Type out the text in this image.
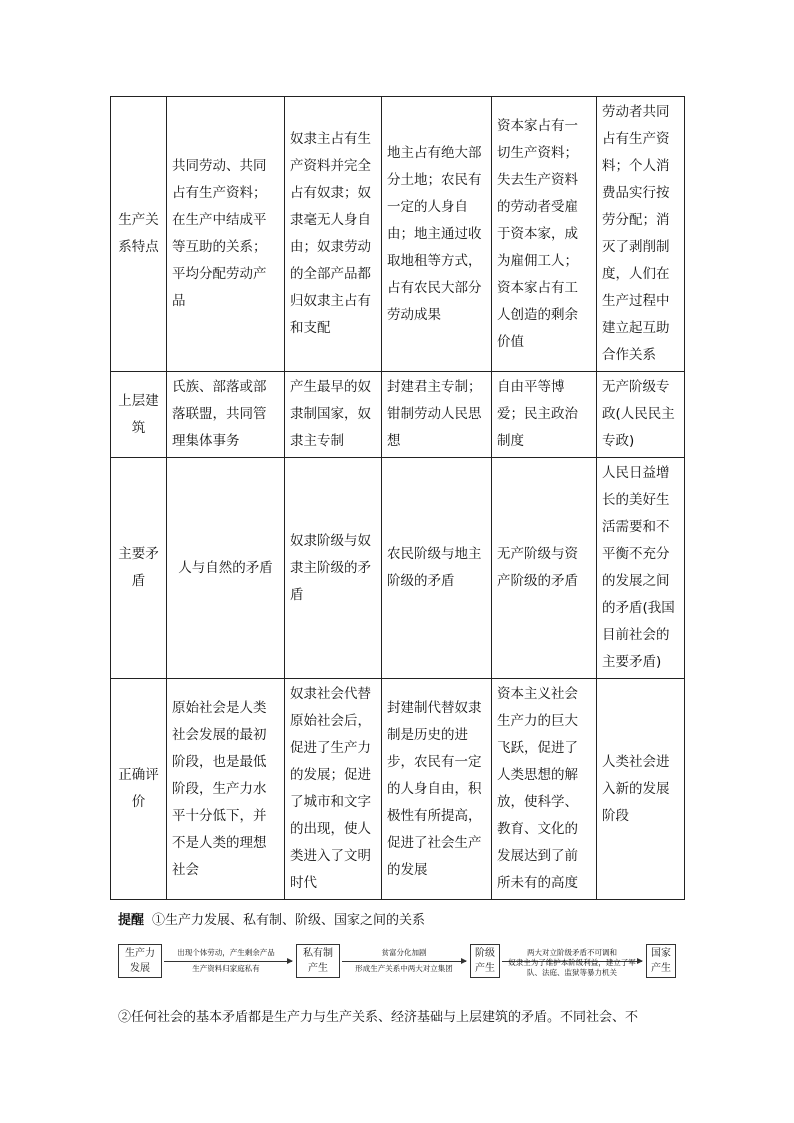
生产关系特点	共同劳动、共同占有生产资料；在生产中结成平等互助的关系；平均分配劳动产品	奴隶主占有生产资料并完全占有奴隶；奴隶毫无人身自由；奴隶劳动的全部产品都归奴隶主占有和支配	地主占有绝大部分土地；农民有一定的人身自由；地主通过收取地租等方式，占有农民大部分劳动成果	资本家占有一切生产资料；失去生产资料的劳动者受雇于资本家，成为雇佣工人；资本家占有工人创造的剩余价值	劳动者共同占有生产资料；个人消费品实行按劳分配；消灭了剥削制度，人们在生产过程中建立起互助合作关系
上层建筑	氏族、部落或部落联盟，共同管理集体事务	产生最早的奴隶制国家，奴隶主专制	封建君主专制；钳制劳动人民思想	自由平等博爱；民主政治制度	无产阶级专政(人民民主专政)
主要矛盾	人与自然的矛盾	奴隶阶级与奴隶主阶级的矛盾	农民阶级与地主阶级的矛盾	无产阶级与资产阶级的矛盾	人民日益增长的美好生活需要和不平衡不充分的发展之间的矛盾(我国目前社会的主要矛盾)
正确评价	原始社会是人类社会发展的最初阶段，也是最低阶段，生产力水平十分低下，并不是人类的理想社会	奴隶社会代替原始社会后，促进了生产力的发展；促进了城市和文字的出现，使人类进入了文明时代	封建制代替奴隶制是历史的进步，农民有一定的人身自由，积极性有所提高，促进了社会生产的发展	资本主义社会生产力的巨大飞跃，促进了人类思想的解放，使科学、教育、文化的发展达到了前所未有的高度	人类社会进入新的发展阶段
提醒 ①生产力发展、私有制、阶级、国家之间的关系
生产力发展
出现个体劳动，产生剩余产品
生产资料归家庭私有
私有制产生
贫富分化加剧
形成生产关系中两大对立集团
阶级产生
两大对立阶级矛盾不可调和
奴隶主为了维护本阶级利益，建立了军队、法庭、监狱等暴力机关
国家产生
②任何社会的基本矛盾都是生产力与生产关系、经济基础与上层建筑的矛盾。不同社会、不
